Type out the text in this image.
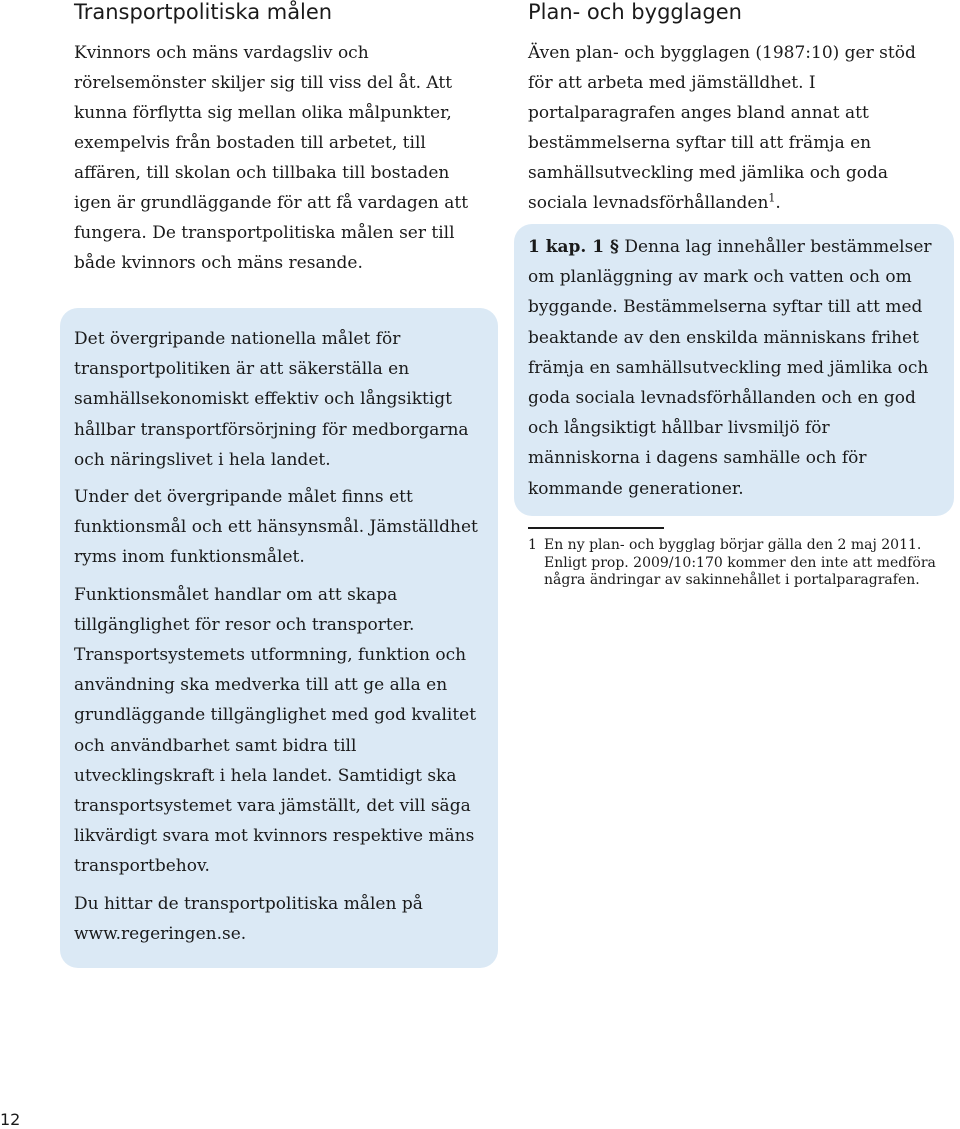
Transportpolitiska målen

Kvinnors och mäns vardagsliv och rörelsemönster skiljer sig till viss del åt. Att kunna förflytta sig mellan olika målpunkter, exempelvis från bostaden till arbetet, till affären, till skolan och tillbaka till bostaden igen är grundläggande för att få vardagen att fungera. De transportpolitiska målen ser till både kvinnors och mäns resande.

Det övergripande nationella målet för transportpolitiken är att säkerställa en samhällsekonomiskt effektiv och långsiktigt hållbar transportförsörjning för medborgarna och näringslivet i hela landet.

Under det övergripande målet finns ett funktionsmål och ett hänsynsmål. Jämställdhet ryms inom funktionsmålet.

Funktionsmålet handlar om att skapa tillgänglighet för resor och transporter. Transportsystemets utformning, funktion och användning ska medverka till att ge alla en grundläggande tillgänglighet med god kvalitet och användbarhet samt bidra till utvecklingskraft i hela landet. Samtidigt ska transportsystemet vara jämställt, det vill säga likvärdigt svara mot kvinnors respektive mäns transportbehov.

Du hittar de transportpolitiska målen på www.regeringen.se.

Plan- och bygglagen

Även plan- och bygglagen (1987:10) ger stöd för att arbeta med jämställdhet. I portalparagrafen anges bland annat att bestämmelserna syftar till att främja en samhällsutveckling med jämlika och goda sociala levnadsförhållanden$^1$.

1 kap. 1 § Denna lag innehåller bestämmelser om planläggning av mark och vatten och om byggande. Bestämmelserna syftar till att med beaktande av den enskilda människans frihet främja en samhällsutveckling med jämlika och goda sociala levnadsförhållanden och en god och långsiktigt hållbar livsmiljö för människorna i dagens samhälle och för kommande generationer.

1 En ny plan- och bygglag börjar gälla den 2 maj 2011. Enligt prop. 2009/10:170 kommer den inte att medföra några ändringar av sakinnehållet i portalparagrafen.

12
